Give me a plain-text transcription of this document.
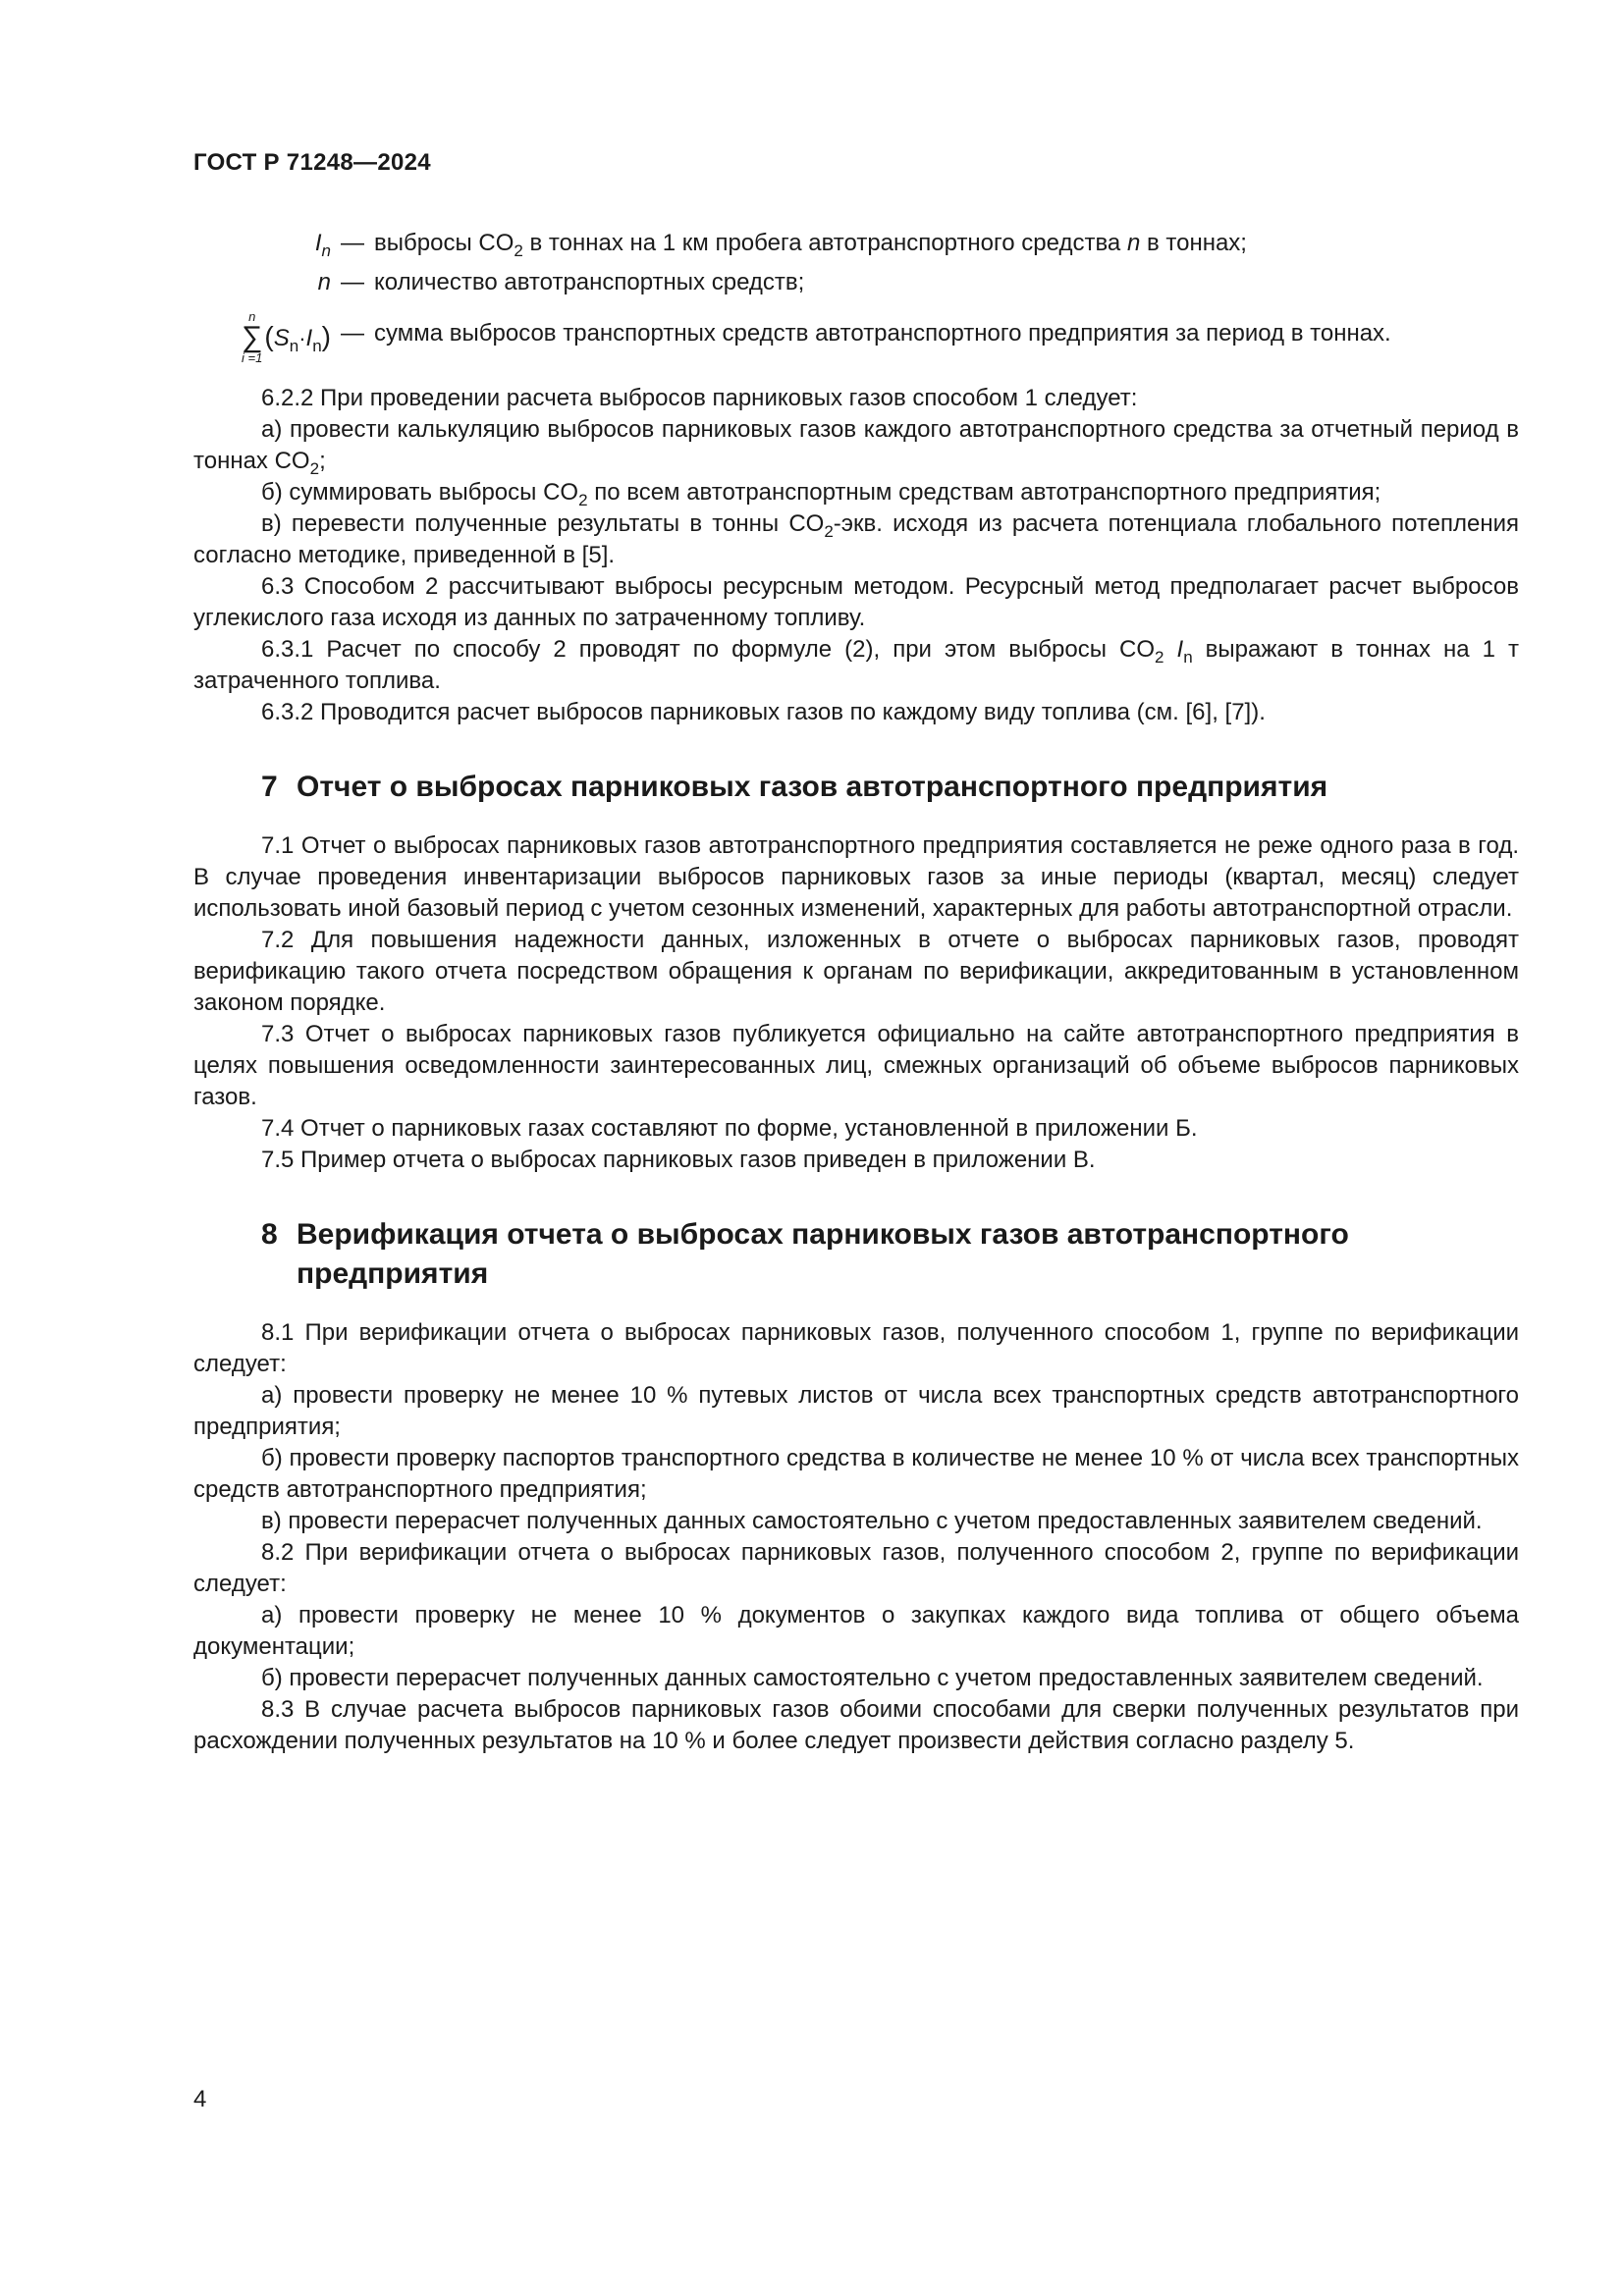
ГОСТ Р 71248—2024
$I_n$ — выбросы $CO_2$ в тоннах на 1 км пробега автотранспортного средства n в тоннах;
n — количество автотранспортных средств;
n
∑
i =1
$(S_n\cdot I_n)$ — сумма выбросов транспортных средств автотранспортного предприятия за период в тоннах.

6.2.2 При проведении расчета выбросов парниковых газов способом 1 следует:

а) провести калькуляцию выбросов парниковых газов каждого автотранспортного средства за отчетный период в тоннах $CO_2$;

б) суммировать выбросы $CO_2$ по всем автотранспортным средствам автотранспортного предприятия;

в) перевести полученные результаты в тонны $CO_2$-экв. исходя из расчета потенциала глобального потепления согласно методике, приведенной в [5].

6.3 Способом 2 рассчитывают выбросы ресурсным методом. Ресурсный метод предполагает расчет выбросов углекислого газа исходя из данных по затраченному топливу.

6.3.1 Расчет по способу 2 проводят по формуле (2), при этом выбросы $CO_2$ $I_n$ выражают в тоннах на 1 т затраченного топлива.

6.3.2 Проводится расчет выбросов парниковых газов по каждому виду топлива (см. [6], [7]).

7 Отчет о выбросах парниковых газов автотранспортного предприятия

7.1 Отчет о выбросах парниковых газов автотранспортного предприятия составляется не реже одного раза в год. В случае проведения инвентаризации выбросов парниковых газов за иные периоды (квартал, месяц) следует использовать иной базовый период с учетом сезонных изменений, характерных для работы автотранспортной отрасли.

7.2 Для повышения надежности данных, изложенных в отчете о выбросах парниковых газов, проводят верификацию такого отчета посредством обращения к органам по верификации, аккредитованным в установленном законом порядке.

7.3 Отчет о выбросах парниковых газов публикуется официально на сайте автотранспортного предприятия в целях повышения осведомленности заинтересованных лиц, смежных организаций об объеме выбросов парниковых газов.

7.4 Отчет о парниковых газах составляют по форме, установленной в приложении Б.

7.5 Пример отчета о выбросах парниковых газов приведен в приложении В.

8 Верификация отчета о выбросах парниковых газов автотранспортного предприятия

8.1 При верификации отчета о выбросах парниковых газов, полученного способом 1, группе по верификации следует:

а) провести проверку не менее 10 % путевых листов от числа всех транспортных средств автотранспортного предприятия;

б) провести проверку паспортов транспортного средства в количестве не менее 10 % от числа всех транспортных средств автотранспортного предприятия;

в) провести перерасчет полученных данных самостоятельно с учетом предоставленных заявителем сведений.

8.2 При верификации отчета о выбросах парниковых газов, полученного способом 2, группе по верификации следует:

а) провести проверку не менее 10 % документов о закупках каждого вида топлива от общего объема документации;

б) провести перерасчет полученных данных самостоятельно с учетом предоставленных заявителем сведений.

8.3 В случае расчета выбросов парниковых газов обоими способами для сверки полученных результатов при расхождении полученных результатов на 10 % и более следует произвести действия согласно разделу 5.

4
